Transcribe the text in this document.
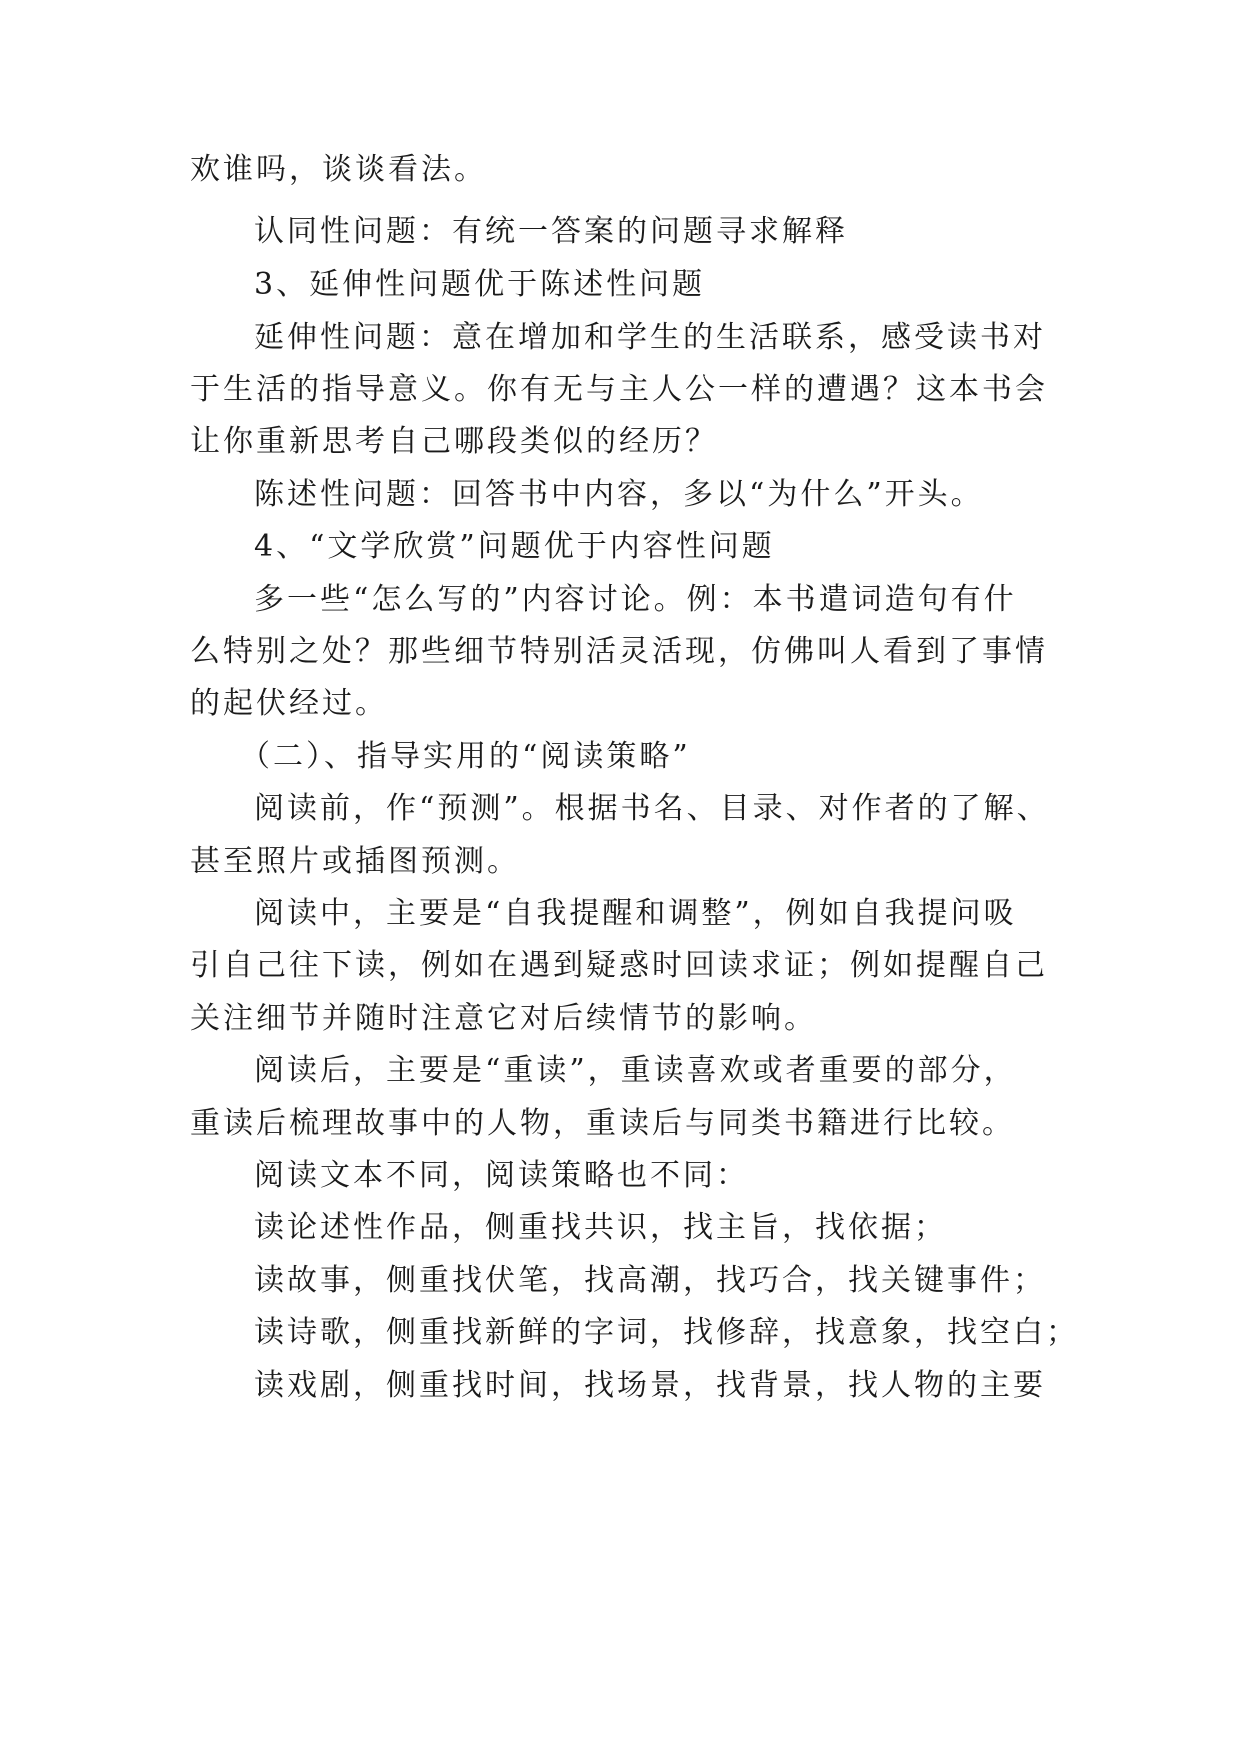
欢谁吗，谈谈看法。
认同性问题：有统一答案的问题寻求解释
3、延伸性问题优于陈述性问题
延伸性问题：意在增加和学生的生活联系，感受读书对
于生活的指导意义。你有无与主人公一样的遭遇？这本书会
让你重新思考自己哪段类似的经历？
陈述性问题：回答书中内容，多以“为什么”开头。
4、“文学欣赏”问题优于内容性问题
多一些“怎么写的”内容讨论。例：本书遣词造句有什
么特别之处？那些细节特别活灵活现，仿佛叫人看到了事情
的起伏经过。
（二）、指导实用的“阅读策略”
阅读前，作“预测”。根据书名、目录、对作者的了解、
甚至照片或插图预测。
阅读中，主要是“自我提醒和调整”，例如自我提问吸
引自己往下读，例如在遇到疑惑时回读求证；例如提醒自己
关注细节并随时注意它对后续情节的影响。
阅读后，主要是“重读”，重读喜欢或者重要的部分，
重读后梳理故事中的人物，重读后与同类书籍进行比较。
阅读文本不同，阅读策略也不同：
读论述性作品，侧重找共识，找主旨，找依据；
读故事，侧重找伏笔，找高潮，找巧合，找关键事件；
读诗歌，侧重找新鲜的字词，找修辞，找意象，找空白；
读戏剧，侧重找时间，找场景，找背景，找人物的主要
